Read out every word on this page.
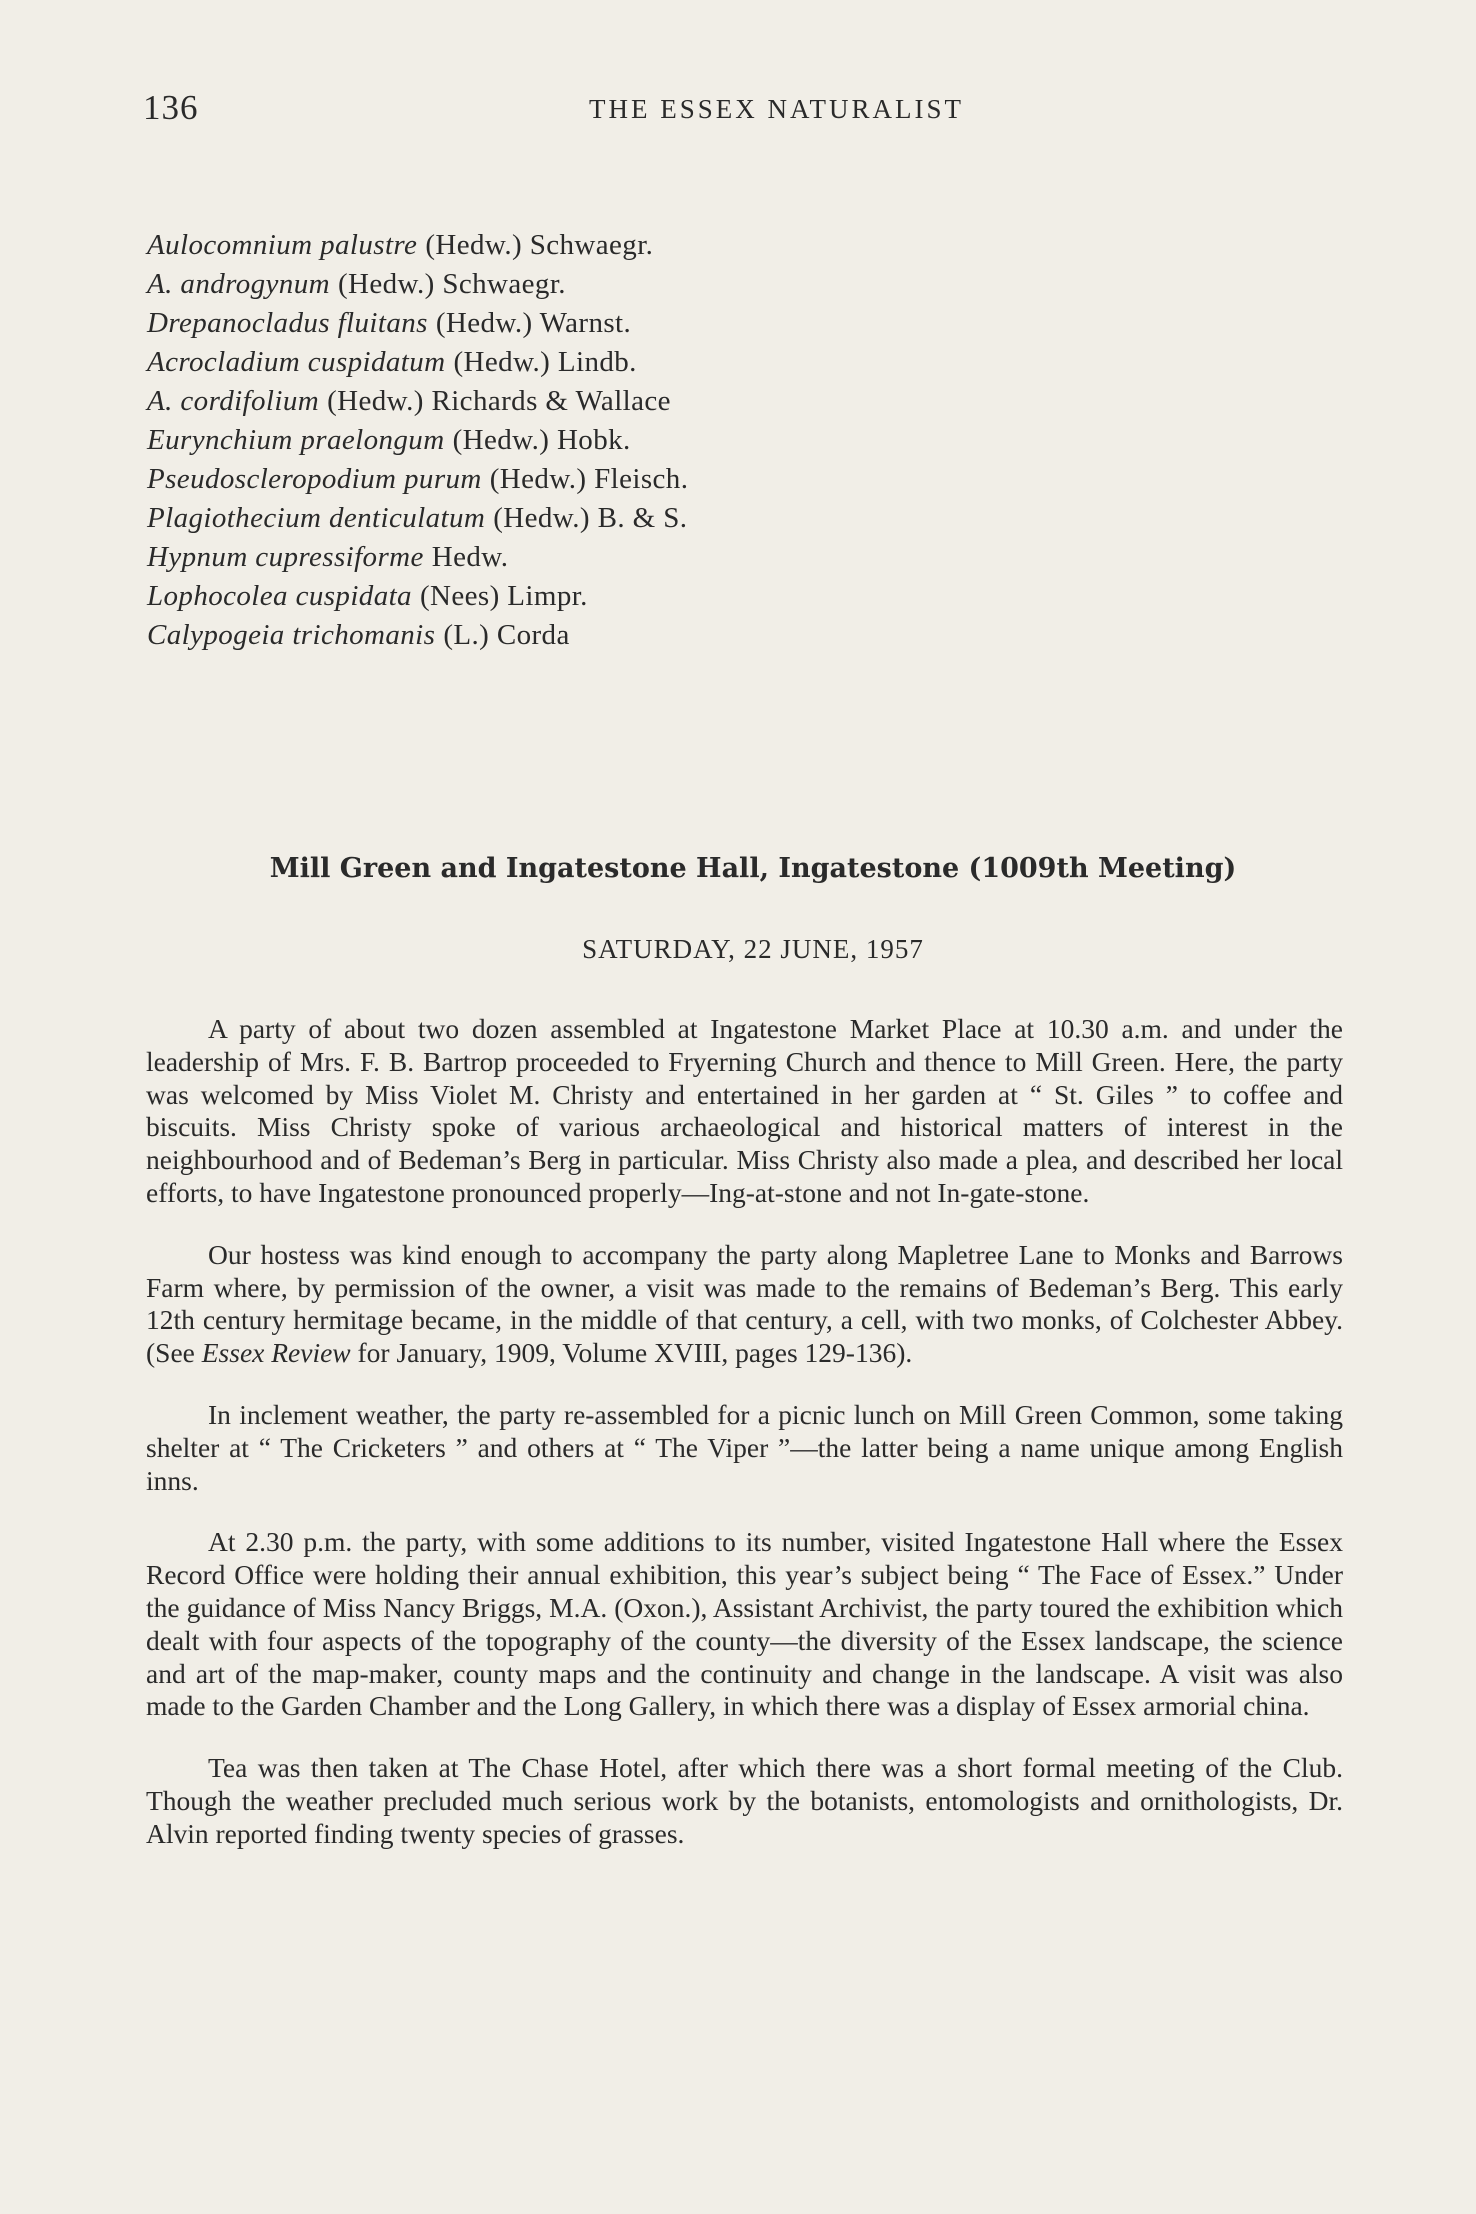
136	THE ESSEX NATURALIST
Aulocomnium palustre (Hedw.) Schwaegr.
A. androgynum (Hedw.) Schwaegr.
Drepanocladus fluitans (Hedw.) Warnst.
Acrocladium cuspidatum (Hedw.) Lindb.
A. cordifolium (Hedw.) Richards & Wallace
Eurynchium praelongum (Hedw.) Hobk.
Pseudoscleropodium purum (Hedw.) Fleisch.
Plagiothecium denticulatum (Hedw.) B. & S.
Hypnum cupressiforme Hedw.
Lophocolea cuspidata (Nees) Limpr.
Calypogeia trichomanis (L.) Corda
Mill Green and Ingatestone Hall, Ingatestone (1009th Meeting)
SATURDAY, 22 JUNE, 1957

A party of about two dozen assembled at Ingatestone Market Place at 10.30 a.m. and under the leadership of Mrs. F. B. Bartrop proceeded to Fryerning Church and thence to Mill Green. Here, the party was welcomed by Miss Violet M. Christy and entertained in her garden at “ St. Giles ” to coffee and biscuits. Miss Christy spoke of various archaeological and historical matters of interest in the neighbourhood and of Bedeman’s Berg in particular. Miss Christy also made a plea, and described her local efforts, to have Ingatestone pronounced properly—Ing-at-stone and not In-gate-stone.

Our hostess was kind enough to accompany the party along Mapletree Lane to Monks and Barrows Farm where, by permission of the owner, a visit was made to the remains of Bedeman’s Berg. This early 12th century hermitage became, in the middle of that century, a cell, with two monks, of Colchester Abbey. (See Essex Review for January, 1909, Volume XVIII, pages 129-136).

In inclement weather, the party re-assembled for a picnic lunch on Mill Green Common, some taking shelter at “ The Cricketers ” and others at “ The Viper ”—the latter being a name unique among English inns.

At 2.30 p.m. the party, with some additions to its number, visited Ingatestone Hall where the Essex Record Office were holding their annual exhibition, this year’s subject being “ The Face of Essex.” Under the guidance of Miss Nancy Briggs, M.A. (Oxon.), Assistant Archivist, the party toured the exhibition which dealt with four aspects of the topography of the county—the diversity of the Essex landscape, the science and art of the map-maker, county maps and the continuity and change in the landscape. A visit was also made to the Garden Chamber and the Long Gallery, in which there was a display of Essex armorial china.

Tea was then taken at The Chase Hotel, after which there was a short formal meeting of the Club. Though the weather precluded much serious work by the botanists, entomologists and ornithologists, Dr. Alvin reported finding twenty species of grasses.
